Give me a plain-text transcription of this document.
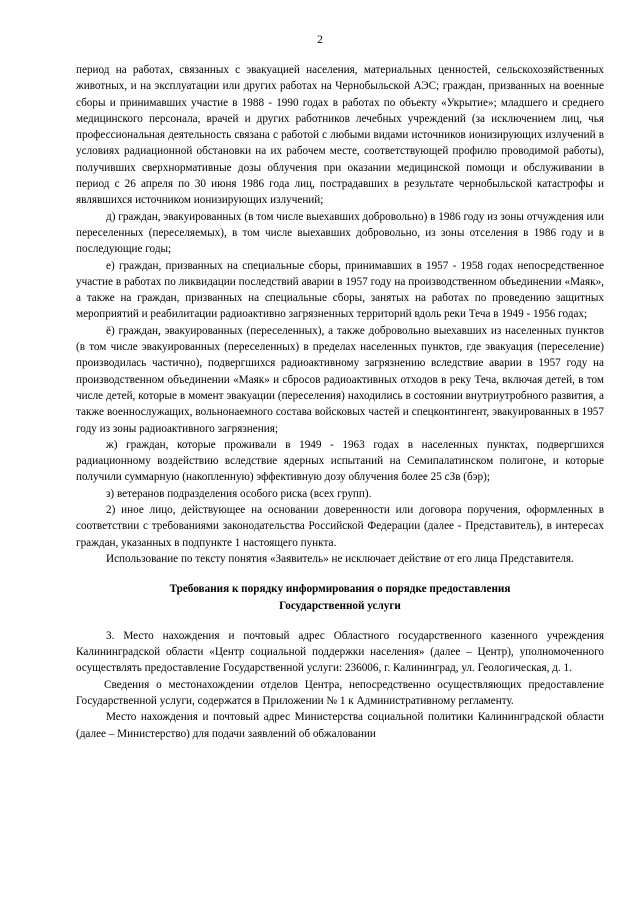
2

период на работах, связанных с эвакуацией населения, материальных ценностей, сельскохозяйственных животных, и на эксплуатации или других работах на Чернобыльской АЭС; граждан, призванных на военные сборы и принимавших участие в 1988 - 1990 годах в работах по объекту «Укрытие»; младшего и среднего медицинского персонала, врачей и других работников лечебных учреждений (за исключением лиц, чья профессиональная деятельность связана с работой с любыми видами источников ионизирующих излучений в условиях радиационной обстановки на их рабочем месте, соответствующей профилю проводимой работы), получивших сверхнормативные дозы облучения при оказании медицинской помощи и обслуживании в период с 26 апреля по 30 июня 1986 года лиц, пострадавших в результате чернобыльской катастрофы и являвшихся источником ионизирующих излучений;

д) граждан, эвакуированных (в том числе выехавших добровольно) в 1986 году из зоны отчуждения или переселенных (переселяемых), в том числе выехавших добровольно, из зоны отселения в 1986 году и в последующие годы;

е) граждан, призванных на специальные сборы, принимавших в 1957 - 1958 годах непосредственное участие в работах по ликвидации последствий аварии в 1957 году на производственном объединении «Маяк», а также на граждан, призванных на специальные сборы, занятых на работах по проведению защитных мероприятий и реабилитации радиоактивно загрязненных территорий вдоль реки Теча в 1949 - 1956 годах;

ё) граждан, эвакуированных (переселенных), а также добровольно выехавших из населенных пунктов (в том числе эвакуированных (переселенных) в пределах населенных пунктов, где эвакуация (переселение) производилась частично), подвергшихся радиоактивному загрязнению вследствие аварии в 1957 году на производственном объединении «Маяк» и сбросов радиоактивных отходов в реку Теча, включая детей, в том числе детей, которые в момент эвакуации (переселения) находились в состоянии внутриутробного развития, а также военнослужащих, вольнонаемного состава войсковых частей и спецконтингент, эвакуированных в 1957 году из зоны радиоактивного загрязнения;

ж) граждан, которые проживали в 1949 - 1963 годах в населенных пунктах, подвергшихся радиационному воздействию вследствие ядерных испытаний на Семипалатинском полигоне, и которые получили суммарную (накопленную) эффективную дозу облучения более 25 сЗв (бэр);

з) ветеранов подразделения особого риска (всех групп).

2) иное лицо, действующее на основании доверенности или договора поручения, оформленных в соответствии с требованиями законодательства Российской Федерации (далее - Представитель), в интересах граждан, указанных в подпункте 1 настоящего пункта.

Использование по тексту понятия «Заявитель» не исключает действие от его лица Представителя.

Требования к порядку информирования о порядке предоставления

Государственной услуги

3. Место нахождения и почтовый адрес Областного государственного казенного учреждения Калининградской области «Центр социальной поддержки населения» (далее – Центр), уполномоченного осуществлять предоставление Государственной услуги: 236006, г. Калининград, ул. Геологическая, д. 1.

Сведения о местонахождении отделов Центра, непосредственно осуществляющих предоставление Государственной услуги, содержатся в Приложении № 1 к Административному регламенту.

Место нахождения и почтовый адрес Министерства социальной политики Калининградской области (далее – Министерство) для подачи заявлений об обжаловании
